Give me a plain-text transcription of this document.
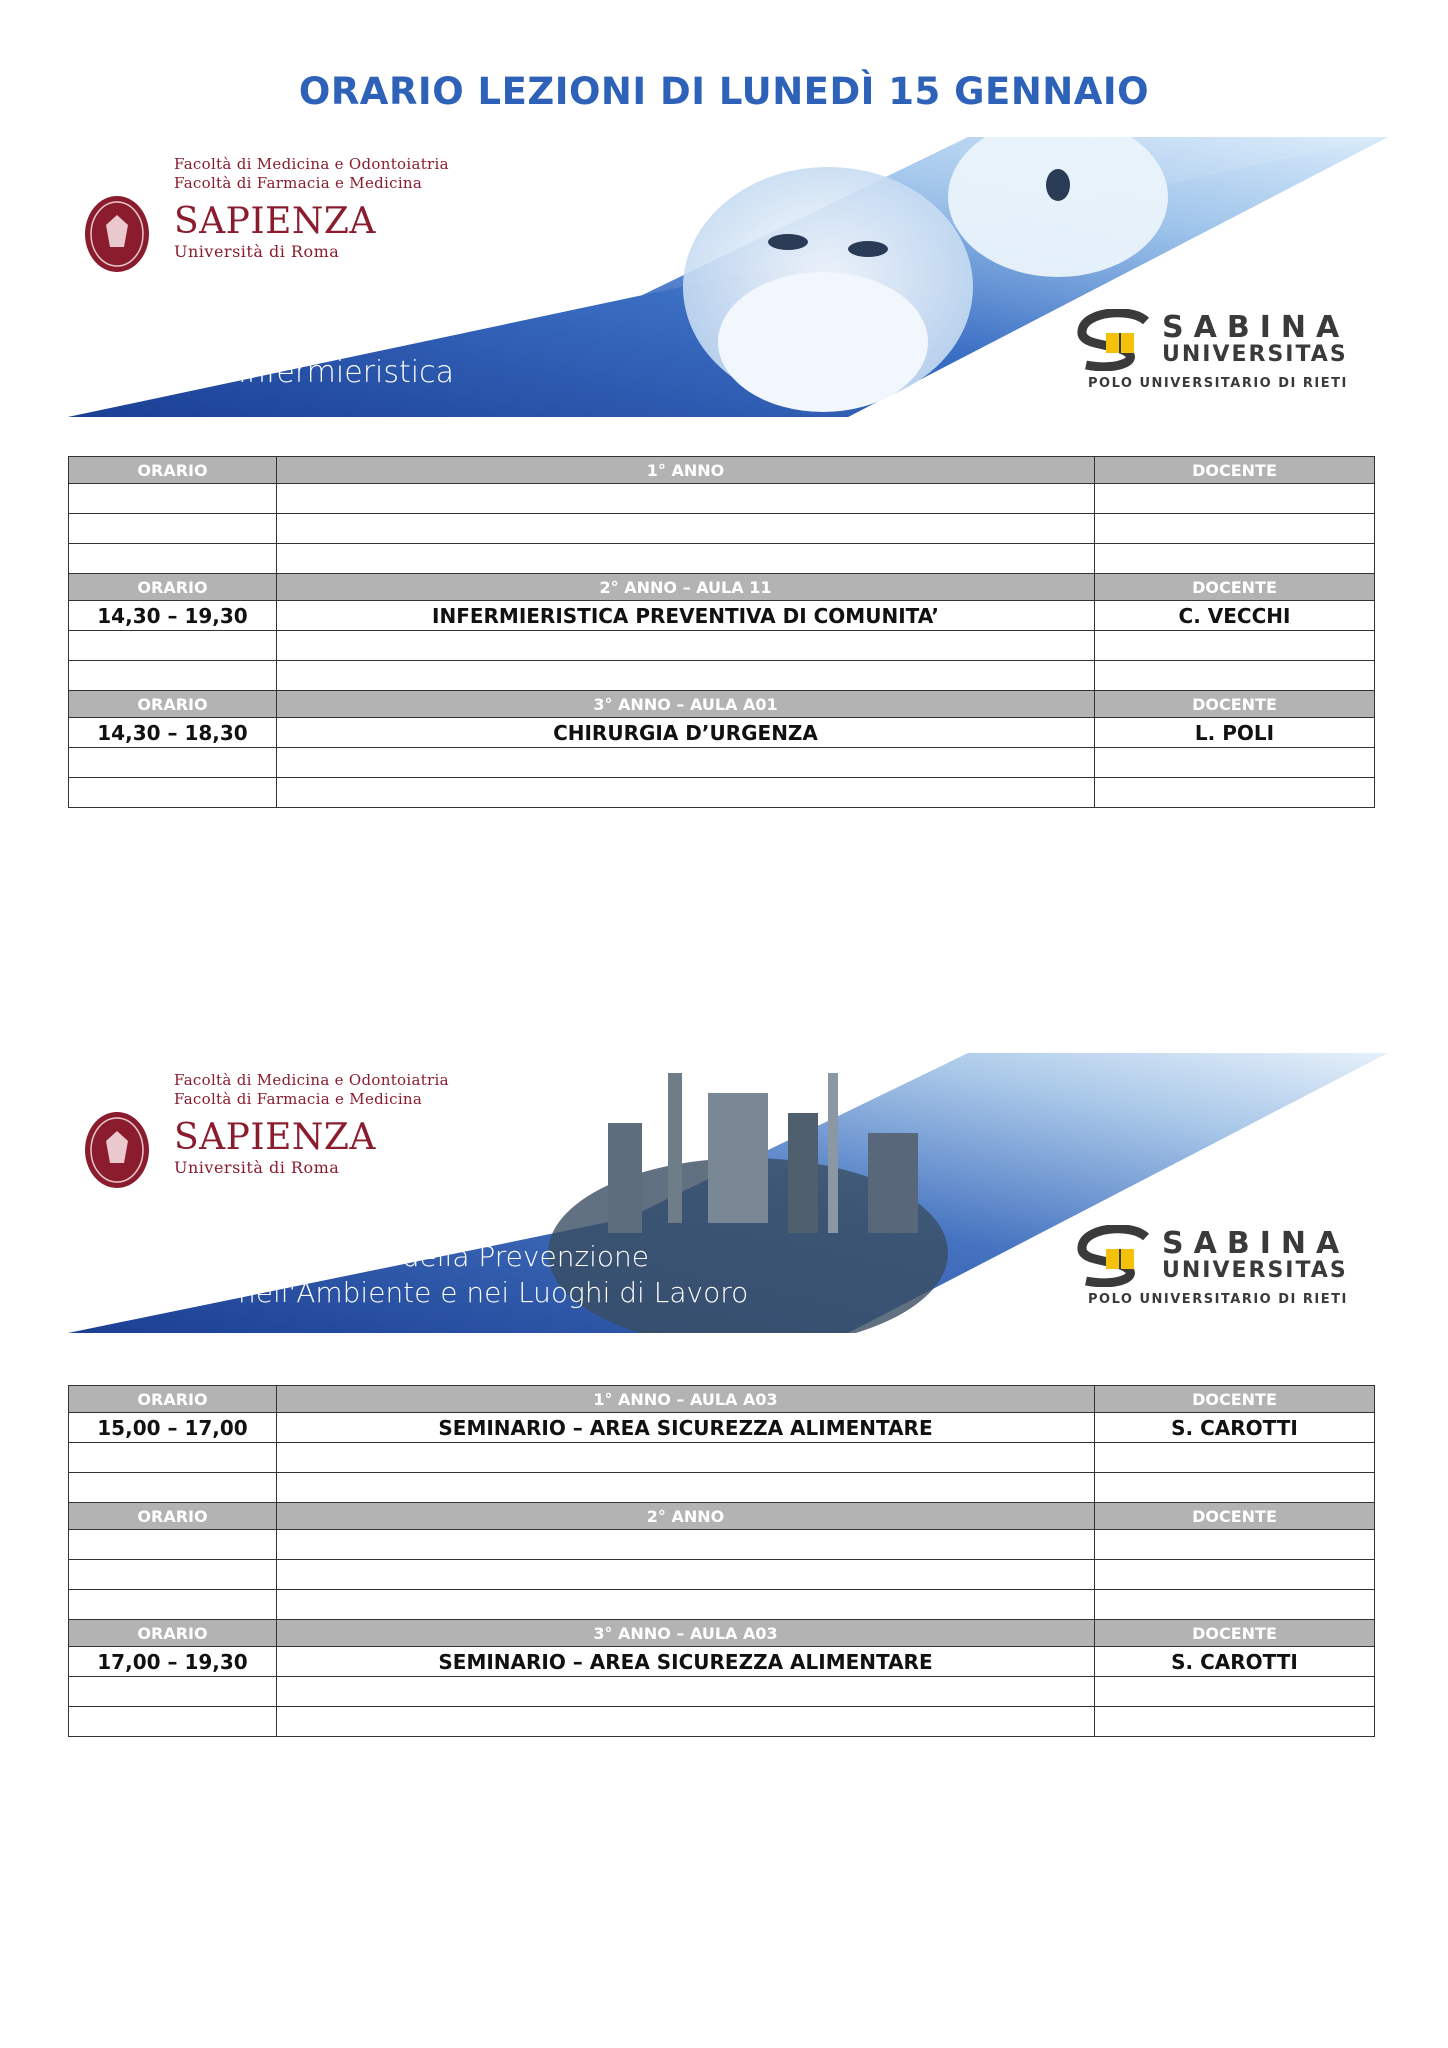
ORARIO LEZIONI DI LUNEDÌ 15 GENNAIO
Facoltà di Medicina e Odontoiatria
Facoltà di Farmacia e Medicina
SAPIENZA
Università di Roma
Infermieristica
SABINA
UNIVERSITAS
POLO UNIVERSITARIO DI RIETI
ORARIO	1° ANNO	DOCENTE

ORARIO	2° ANNO – AULA 11	DOCENTE
14,30 – 19,30	INFERMIERISTICA PREVENTIVA DI COMUNITA’	C. VECCHI

ORARIO	3° ANNO – AULA A01	DOCENTE
14,30 – 18,30	CHIRURGIA D’URGENZA	L. POLI

Facoltà di Medicina e Odontoiatria
Facoltà di Farmacia e Medicina
SAPIENZA
Università di Roma
Tecniche della Prevenzione
nell'Ambiente e nei Luoghi di Lavoro
SABINA
UNIVERSITAS
POLO UNIVERSITARIO DI RIETI
ORARIO	1° ANNO – AULA A03	DOCENTE
15,00 – 17,00	SEMINARIO – AREA SICUREZZA ALIMENTARE	S. CAROTTI

ORARIO	2° ANNO	DOCENTE

ORARIO	3° ANNO – AULA A03	DOCENTE
17,00 – 19,30	SEMINARIO – AREA SICUREZZA ALIMENTARE	S. CAROTTI
